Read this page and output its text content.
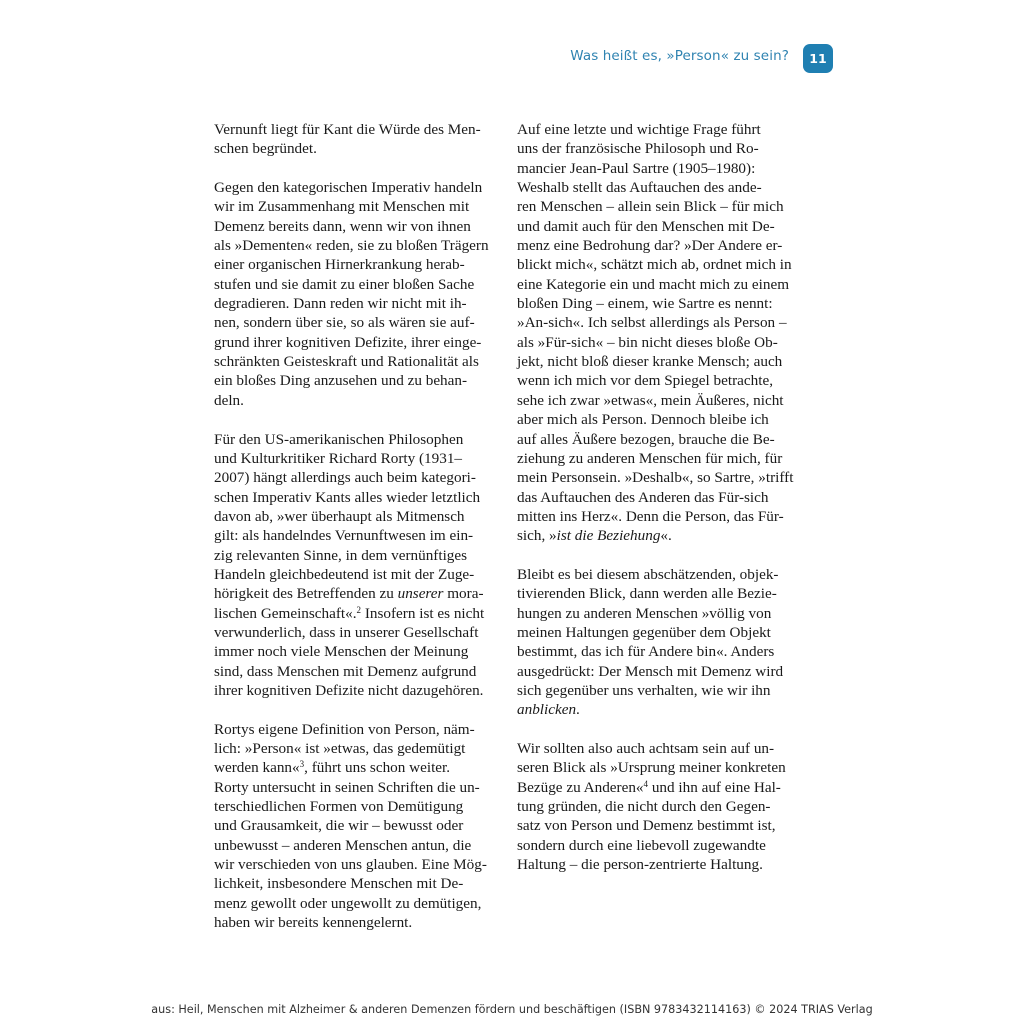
Was heißt es, »Person« zu sein?	11
Vernunft liegt für Kant die Würde des Men-
schen begründet.
Gegen den kategorischen Imperativ handeln
wir im Zusammenhang mit Menschen mit
Demenz bereits dann, wenn wir von ihnen
als »Dementen« reden, sie zu bloßen Trägern
einer organischen Hirnerkrankung herab-
stufen und sie damit zu einer bloßen Sache
degradieren. Dann reden wir nicht mit ih-
nen, sondern über sie, so als wären sie auf-
grund ihrer kognitiven Defizite, ihrer einge-
schränkten Geisteskraft und Rationalität als
ein bloßes Ding anzusehen und zu behan-
deln.
Für den US-amerikanischen Philosophen
und Kulturkritiker Richard Rorty (1931–
2007) hängt allerdings auch beim kategori-
schen Imperativ Kants alles wieder letztlich
davon ab, »wer überhaupt als Mitmensch
gilt: als handelndes Vernunftwesen im ein-
zig relevanten Sinne, in dem vernünftiges
Handeln gleichbedeutend ist mit der Zuge-
hörigkeit des Betreffenden zu unserer mora-
lischen Gemeinschaft«.$^2$ Insofern ist es nicht
verwunderlich, dass in unserer Gesellschaft
immer noch viele Menschen der Meinung
sind, dass Menschen mit Demenz aufgrund
ihrer kognitiven Defizite nicht dazugehören.
Rortys eigene Definition von Person, näm-
lich: »Person« ist »etwas, das gedemütigt
werden kann«$^3$, führt uns schon weiter.
Rorty untersucht in seinen Schriften die un-
terschiedlichen Formen von Demütigung
und Grausamkeit, die wir – bewusst oder
unbewusst – anderen Menschen antun, die
wir verschieden von uns glauben. Eine Mög-
lichkeit, insbesondere Menschen mit De-
menz gewollt oder ungewollt zu demütigen,
haben wir bereits kennengelernt.
Auf eine letzte und wichtige Frage führt
uns der französische Philosoph und Ro-
mancier Jean-Paul Sartre (1905–1980):
Weshalb stellt das Auftauchen des ande-
ren Menschen – allein sein Blick – für mich
und damit auch für den Menschen mit De-
menz eine Bedrohung dar? »Der Andere er-
blickt mich«, schätzt mich ab, ordnet mich in
eine Kategorie ein und macht mich zu einem
bloßen Ding – einem, wie Sartre es nennt:
»An-sich«. Ich selbst allerdings als Person –
als »Für-sich« – bin nicht dieses bloße Ob-
jekt, nicht bloß dieser kranke Mensch; auch
wenn ich mich vor dem Spiegel betrachte,
sehe ich zwar »etwas«, mein Äußeres, nicht
aber mich als Person. Dennoch bleibe ich
auf alles Äußere bezogen, brauche die Be-
ziehung zu anderen Menschen für mich, für
mein Personsein. »Deshalb«, so Sartre, »trifft
das Auftauchen des Anderen das Für-sich
mitten ins Herz«. Denn die Person, das Für-
sich, »ist die Beziehung«.
Bleibt es bei diesem abschätzenden, objek-
tivierenden Blick, dann werden alle Bezie-
hungen zu anderen Menschen »völlig von
meinen Haltungen gegenüber dem Objekt
bestimmt, das ich für Andere bin«. Anders
ausgedrückt: Der Mensch mit Demenz wird
sich gegenüber uns verhalten, wie wir ihn
anblicken.
Wir sollten also auch achtsam sein auf un-
seren Blick als »Ursprung meiner konkreten
Bezüge zu Anderen«$^4$ und ihn auf eine Hal-
tung gründen, die nicht durch den Gegen-
satz von Person und Demenz bestimmt ist,
sondern durch eine liebevoll zugewandte
Haltung – die person-zentrierte Haltung.
aus: Heil, Menschen mit Alzheimer & anderen Demenzen fördern und beschäftigen (ISBN 9783432114163) © 2024 TRIAS Verlag
